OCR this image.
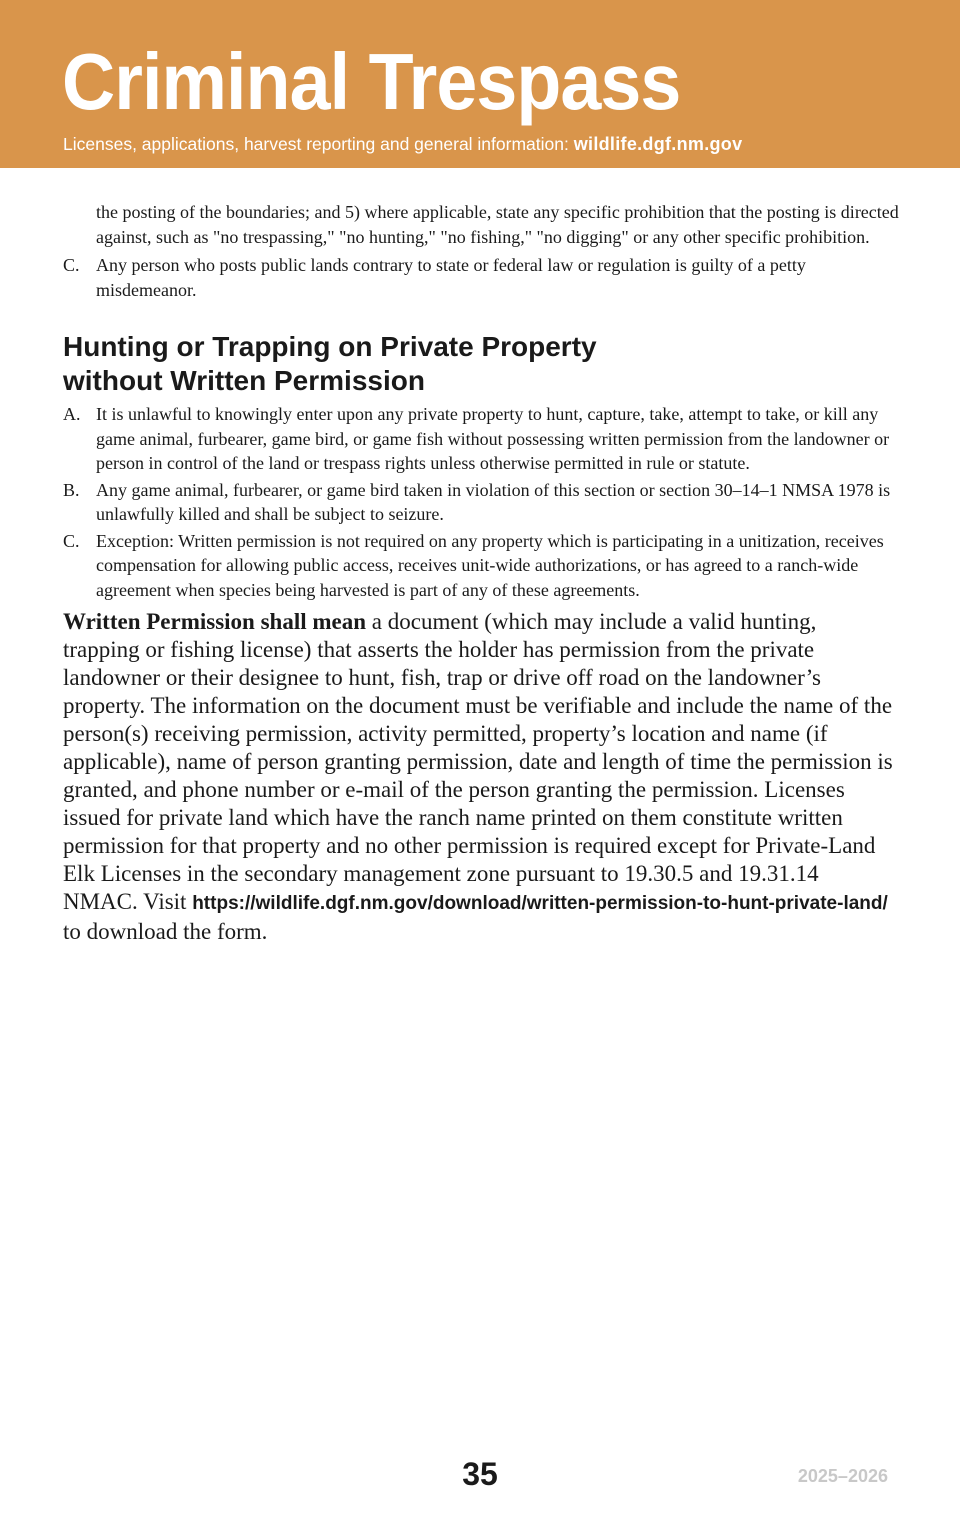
Criminal Trespass
Licenses, applications, harvest reporting and general information: wildlife.dgf.nm.gov

the posting of the boundaries; and 5) where applicable, state any specific prohibition that the posting is directed against, such as "no trespassing," "no hunting," "no fishing," "no digging" or any other specific prohibition.

C. Any person who posts public lands contrary to state or federal law or regulation is guilty of a petty misdemeanor.
Hunting or Trapping on Private Property
without Written Permission
A. It is unlawful to knowingly enter upon any private property to hunt, capture, take, attempt to take, or kill any game animal, furbearer, game bird, or game fish without possessing written permission from the landowner or person in control of the land or trespass rights unless otherwise permitted in rule or statute.
B. Any game animal, furbearer, or game bird taken in violation of this section or section 30–14–1 NMSA 1978 is unlawfully killed and shall be subject to seizure.
C. Exception: Written permission is not required on any property which is participating in a unitization, receives compensation for allowing public access, receives unit-wide authorizations, or has agreed to a ranch-wide agreement when species being harvested is part of any of these agreements.

Written Permission shall mean a document (which may include a valid hunting, trapping or fishing license) that asserts the holder has permission from the private landowner or their designee to hunt, fish, trap or drive off road on the landowner’s property. The information on the document must be verifiable and include the name of the person(s) receiving permission, activity permitted, property’s location and name (if applicable), name of person granting permission, date and length of time the permission is granted, and phone number or e-mail of the person granting the permission. Licenses issued for private land which have the ranch name printed on them constitute written permission for that property and no other permission is required except for Private-Land Elk Licenses in the secondary management zone pursuant to 19.30.5 and 19.31.14 NMAC. Visit https://wildlife.dgf.nm.gov/download/written-permission-to-hunt-private-land/ to download the form.

35	2025–2026
